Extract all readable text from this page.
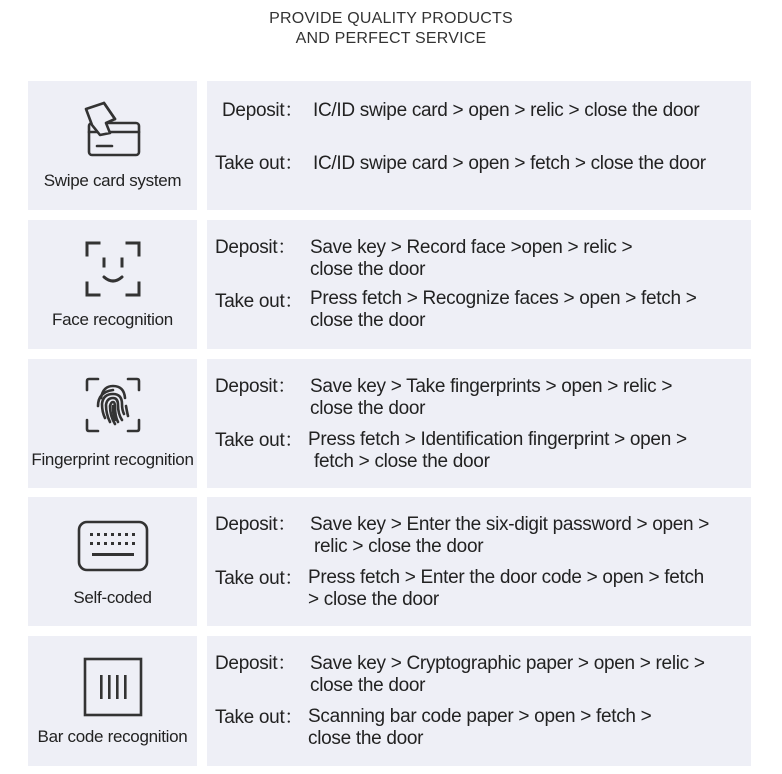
PROVIDE QUALITY PRODUCTS
AND PERFECT SERVICE
Swipe card system
Deposit： IC/ID swipe card > open > relic > close the door
Take out： IC/ID swipe card > open > fetch > close the door
Face recognition
Deposit： Save key > Record face >open > relic >
close the door
Take out： Press fetch > Recognize faces > open > fetch >
close the door
Fingerprint recognition
Deposit： Save key > Take fingerprints > open > relic >
close the door
Take out： Press fetch > Identification fingerprint > open >
fetch > close the door
Self-coded
Deposit： Save key > Enter the six-digit password > open >
relic > close the door
Take out： Press fetch > Enter the door code > open > fetch
> close the door
Bar code recognition
Deposit： Save key > Cryptographic paper > open > relic >
close the door
Take out： Scanning bar code paper > open > fetch >
close the door
